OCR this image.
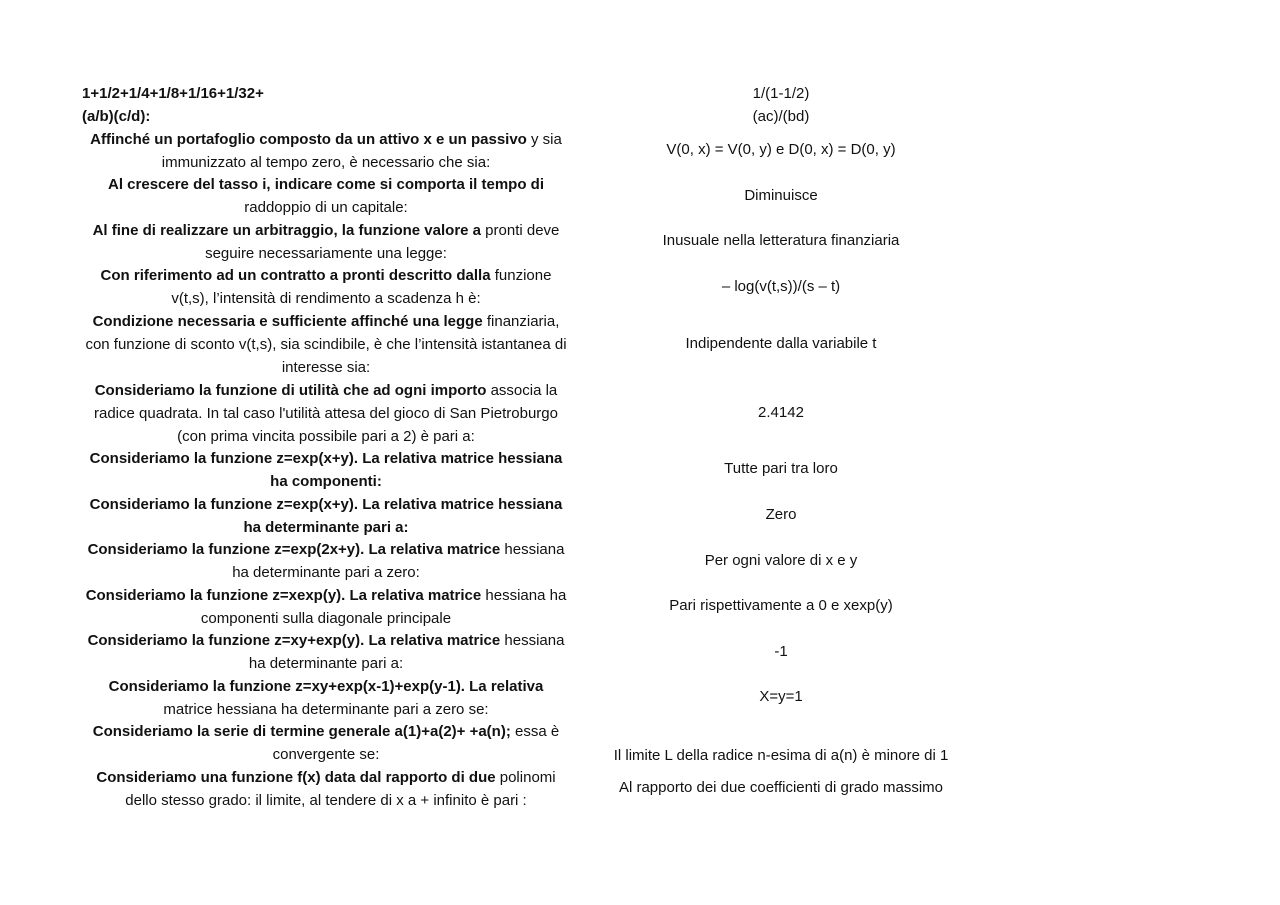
1+1/2+1/4+1/8+1/16+1/32+
(a/b)(c/d):
Affinché un portafoglio composto da un attivo x e un passivo y sia immunizzato al tempo zero, è necessario che sia:
Al crescere del tasso i, indicare come si comporta il tempo di raddoppio di un capitale:
Al fine di realizzare un arbitraggio, la funzione valore a pronti deve seguire necessariamente una legge:
Con riferimento ad un contratto a pronti descritto dalla funzione v(t,s), l’intensità di rendimento a scadenza h è:
Condizione necessaria e sufficiente affinché una legge finanziaria, con funzione di sconto v(t,s), sia scindibile, è che l’intensità istantanea di interesse sia:
Consideriamo la funzione di utilità che ad ogni importo associa la radice quadrata. In tal caso l'utilità attesa del gioco di San Pietroburgo (con prima vincita possibile pari a 2) è pari a:
Consideriamo la funzione z=exp(x+y). La relativa matrice hessiana ha componenti:
Consideriamo la funzione z=exp(x+y). La relativa matrice hessiana ha determinante pari a:
Consideriamo la funzione z=exp(2x+y). La relativa matrice hessiana ha determinante pari a zero:
Consideriamo la funzione z=xexp(y). La relativa matrice hessiana ha componenti sulla diagonale principale
Consideriamo la funzione z=xy+exp(y). La relativa matrice hessiana ha determinante pari a:
Consideriamo la funzione z=xy+exp(x-1)+exp(y-1). La relativa matrice hessiana ha determinante pari a zero se:
Consideriamo la serie di termine generale a(1)+a(2)+ +a(n); essa è convergente se:
Consideriamo una funzione f(x) data dal rapporto di due polinomi dello stesso grado: il limite, al tendere di x a + infinito è pari :
1/(1-1/2)
(ac)/(bd)
V(0, x) = V(0, y) e D(0, x) = D(0, y)
Diminuisce
Inusuale nella letteratura finanziaria
– log(v(t,s))/(s – t)
Indipendente dalla variabile t
2.4142
Tutte pari tra loro
Zero
Per ogni valore di x e y
Pari rispettivamente a 0 e xexp(y)
-1
X=y=1
Il limite L della radice n-esima di a(n) è minore di 1
Al rapporto dei due coefficienti di grado massimo
